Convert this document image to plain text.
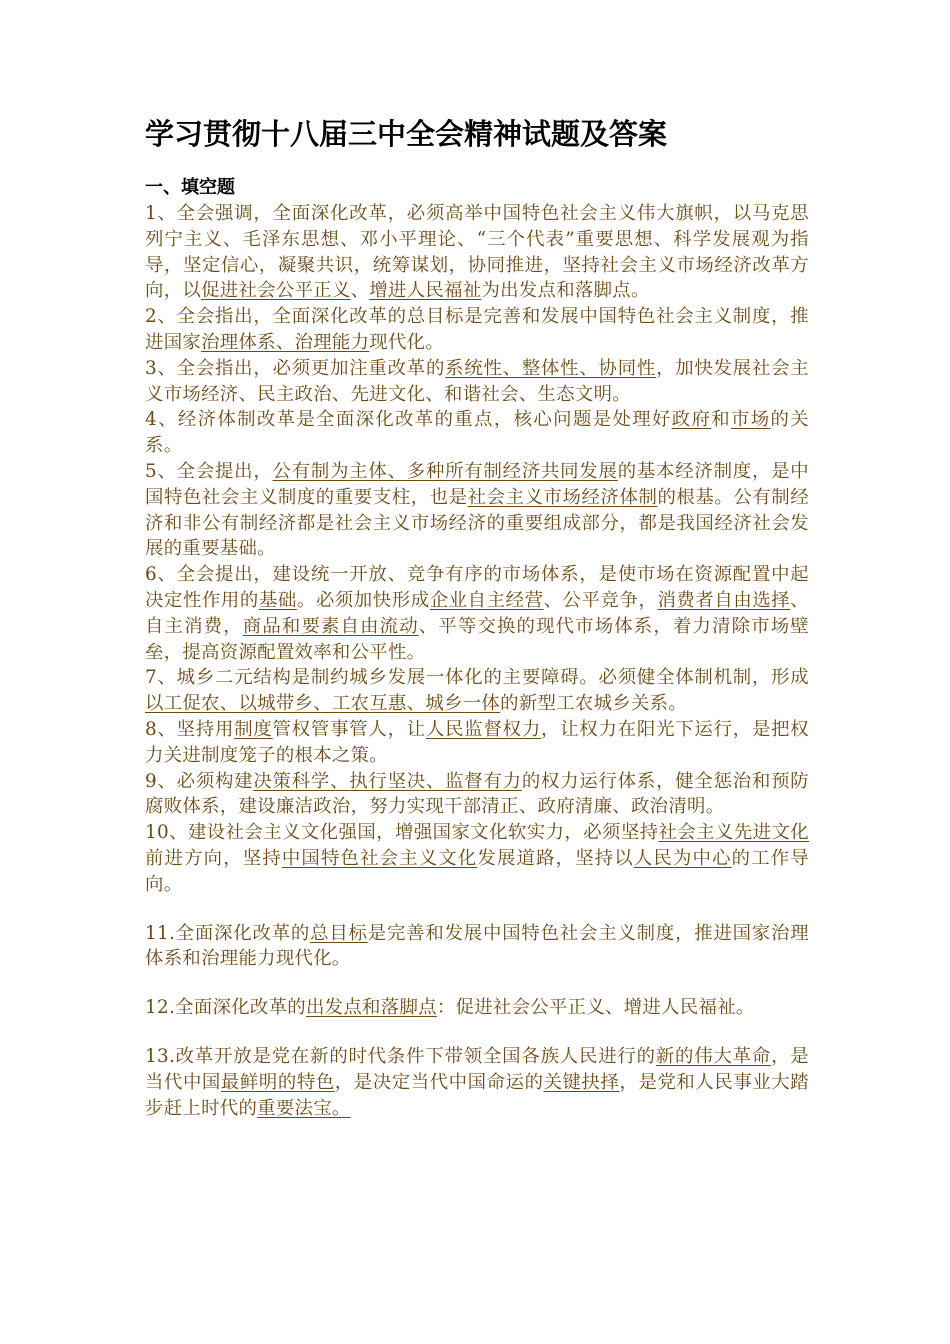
学习贯彻十八届三中全会精神试题及答案
一、填空题

1、全会强调，全面深化改革，必须高举中国特色社会主义伟大旗帜，以马克思列宁主义、毛泽东思想、邓小平理论、“三个代表”重要思想、科学发展观为指导，坚定信心，凝聚共识，统筹谋划，协同推进，坚持社会主义市场经济改革方向，以促进社会公平正义、增进人民福祉为出发点和落脚点。

2、全会指出，全面深化改革的总目标是完善和发展中国特色社会主义制度，推进国家治理体系、治理能力现代化。

3、全会指出，必须更加注重改革的系统性、整体性、协同性，加快发展社会主义市场经济、民主政治、先进文化、和谐社会、生态文明。

4、经济体制改革是全面深化改革的重点，核心问题是处理好政府和市场的关系。

5、全会提出，公有制为主体、多种所有制经济共同发展的基本经济制度，是中国特色社会主义制度的重要支柱，也是社会主义市场经济体制的根基。公有制经济和非公有制经济都是社会主义市场经济的重要组成部分，都是我国经济社会发展的重要基础。

6、全会提出，建设统一开放、竞争有序的市场体系，是使市场在资源配置中起决定性作用的基础。必须加快形成企业自主经营、公平竞争，消费者自由选择、自主消费，商品和要素自由流动、平等交换的现代市场体系，着力清除市场壁垒，提高资源配置效率和公平性。

7、城乡二元结构是制约城乡发展一体化的主要障碍。必须健全体制机制，形成以工促农、以城带乡、工农互惠、城乡一体的新型工农城乡关系。

8、坚持用制度管权管事管人，让人民监督权力，让权力在阳光下运行，是把权力关进制度笼子的根本之策。

9、必须构建决策科学、执行坚决、监督有力的权力运行体系，健全惩治和预防腐败体系，建设廉洁政治，努力实现干部清正、政府清廉、政治清明。

10、建设社会主义文化强国，增强国家文化软实力，必须坚持社会主义先进文化前进方向，坚持中国特色社会主义文化发展道路，坚持以人民为中心的工作导向。

11.全面深化改革的总目标是完善和发展中国特色社会主义制度，推进国家治理体系和治理能力现代化。

12.全面深化改革的出发点和落脚点：促进社会公平正义、增进人民福祉。

13.改革开放是党在新的时代条件下带领全国各族人民进行的新的伟大革命，是当代中国最鲜明的特色，是决定当代中国命运的关键抉择，是党和人民事业大踏步赶上时代的重要法宝。
